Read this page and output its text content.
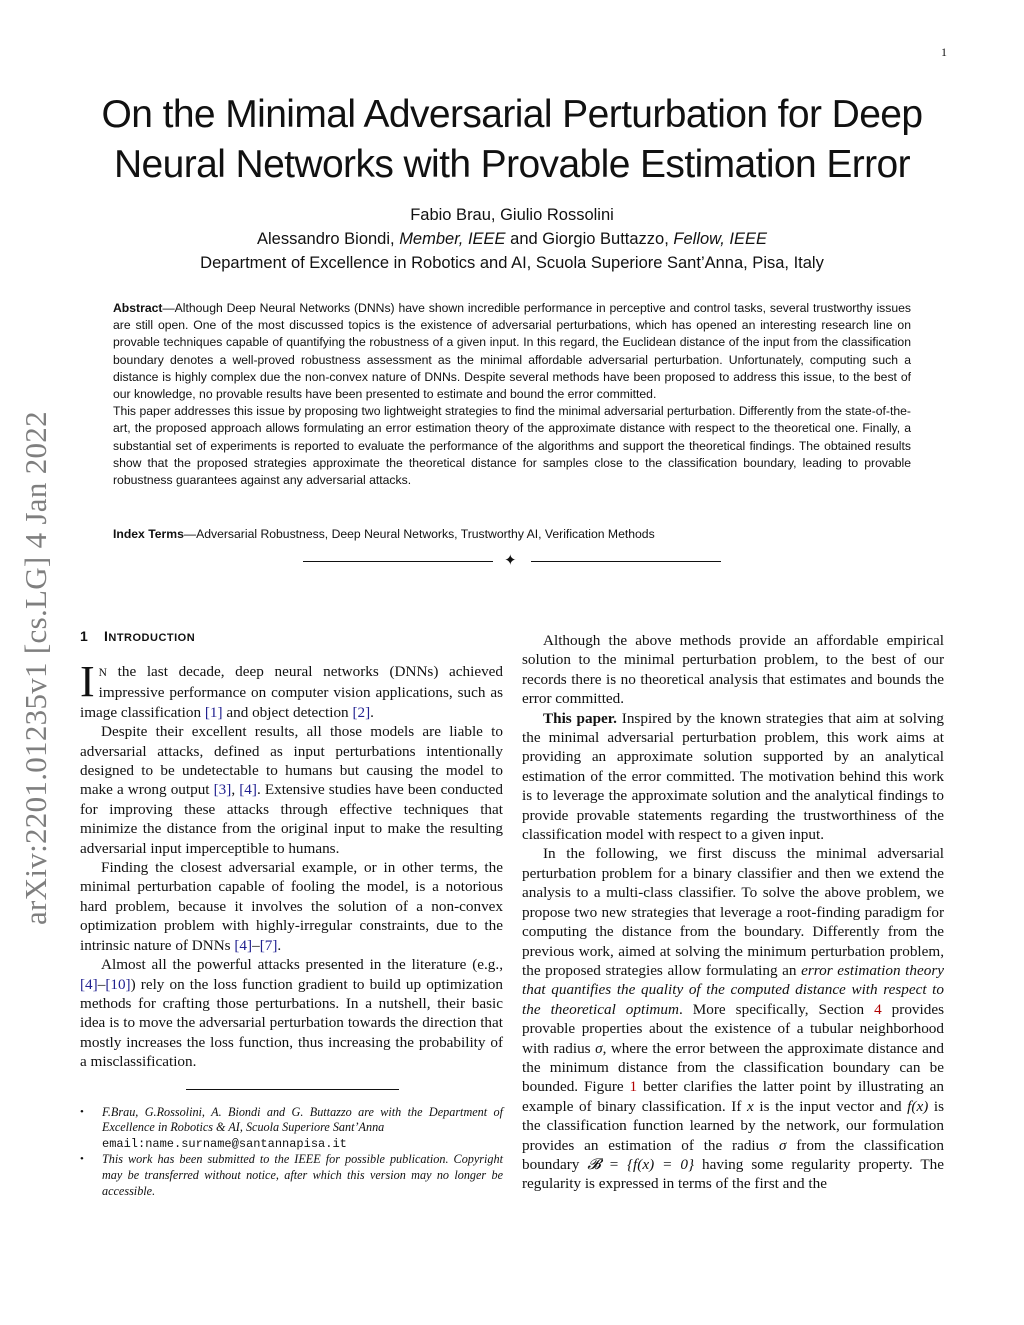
1
arXiv:2201.01235v1 [cs.LG] 4 Jan 2022
On the Minimal Adversarial Perturbation for Deep
Neural Networks with Provable Estimation Error
Fabio Brau, Giulio Rossolini
Alessandro Biondi, Member, IEEE and Giorgio Buttazzo, Fellow, IEEE
Department of Excellence in Robotics and AI, Scuola Superiore Sant’Anna, Pisa, Italy

Abstract—Although Deep Neural Networks (DNNs) have shown incredible performance in perceptive and control tasks, several trustworthy issues are still open. One of the most discussed topics is the existence of adversarial perturbations, which has opened an interesting research line on provable techniques capable of quantifying the robustness of a given input. In this regard, the Euclidean distance of the input from the classification boundary denotes a well-proved robustness assessment as the minimal affordable adversarial perturbation. Unfortunately, computing such a distance is highly complex due the non-convex nature of DNNs. Despite several methods have been proposed to address this issue, to the best of our knowledge, no provable results have been presented to estimate and bound the error committed.

This paper addresses this issue by proposing two lightweight strategies to find the minimal adversarial perturbation. Differently from the state-of-the-art, the proposed approach allows formulating an error estimation theory of the approximate distance with respect to the theoretical one. Finally, a substantial set of experiments is reported to evaluate the performance of the algorithms and support the theoretical findings. The obtained results show that the proposed strategies approximate the theoretical distance for samples close to the classification boundary, leading to provable robustness guarantees against any adversarial attacks.

Index Terms—Adversarial Robustness, Deep Neural Networks, Trustworthy AI, Verification Methods
✦
1 INTRODUCTION

I N the last decade, deep neural networks (DNNs) achieved impressive performance on computer vision applications, such as image classification [1] and object detection [2].

Despite their excellent results, all those models are liable to adversarial attacks, defined as input perturbations intentionally designed to be undetectable to humans but causing the model to make a wrong output [3], [4]. Extensive studies have been conducted for improving these attacks through effective techniques that minimize the distance from the original input to make the resulting adversarial input imperceptible to humans.

Finding the closest adversarial example, or in other terms, the minimal perturbation capable of fooling the model, is a notorious hard problem, because it involves the solution of a non-convex optimization problem with highly-irregular constraints, due to the intrinsic nature of DNNs [4]–[7].

Almost all the powerful attacks presented in the literature (e.g., [4]–[10]) rely on the loss function gradient to build up optimization methods for crafting those perturbations. In a nutshell, their basic idea is to move the adversarial perturbation towards the direction that mostly increases the loss function, thus increasing the probability of a misclassification.

• F.Brau, G.Rossolini, A. Biondi and G. Buttazzo are with the Department of Excellence in Robotics & AI, Scuola Superiore Sant’Anna
email:name.surname@santannapisa.it
• This work has been submitted to the IEEE for possible publication. Copyright may be transferred without notice, after which this version may no longer be accessible.

Although the above methods provide an affordable empirical solution to the minimal perturbation problem, to the best of our records there is no theoretical analysis that estimates and bounds the error committed.

This paper. Inspired by the known strategies that aim at solving the minimal adversarial perturbation problem, this work aims at providing an approximate solution supported by an analytical estimation of the error committed. The motivation behind this work is to leverage the approximate solution and the analytical findings to provide provable statements regarding the trustworthiness of the classification model with respect to a given input.

In the following, we first discuss the minimal adversarial perturbation problem for a binary classifier and then we extend the analysis to a multi-class classifier. To solve the above problem, we propose two new strategies that leverage a root-finding paradigm for computing the distance from the boundary. Differently from the previous work, aimed at solving the minimum perturbation problem, the proposed strategies allow formulating an error estimation theory that quantifies the quality of the computed distance with respect to the theoretical optimum. More specifically, Section 4 provides provable properties about the existence of a tubular neighborhood with radius σ, where the error between the approximate distance and the minimum distance from the classification boundary can be bounded. Figure 1 better clarifies the latter point by illustrating an example of binary classification. If x is the input vector and f(x) is the classification function learned by the network, our formulation provides an estimation of the radius σ from the classification boundary 𝓑 = {f(x) = 0} having some regularity property. The regularity is expressed in terms of the first and the
